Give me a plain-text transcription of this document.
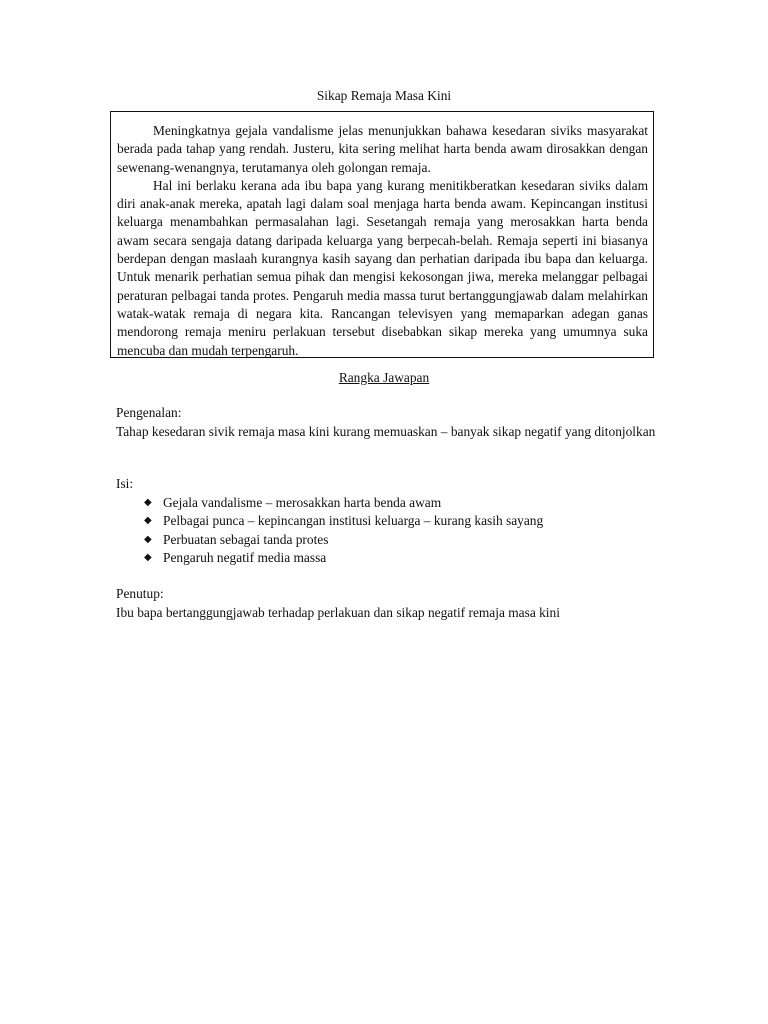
Sikap Remaja Masa Kini

Meningkatnya gejala vandalisme jelas menunjukkan bahawa kesedaran siviks masyarakat berada pada tahap yang rendah. Justeru, kita sering melihat harta benda awam dirosakkan dengan sewenang-wenangnya, terutamanya oleh golongan remaja.

Hal ini berlaku kerana ada ibu bapa yang kurang menitikberatkan kesedaran siviks dalam diri anak-anak mereka, apatah lagi dalam soal menjaga harta benda awam. Kepincangan institusi keluarga menambahkan permasalahan lagi. Sesetangah remaja yang merosakkan harta benda awam secara sengaja datang daripada keluarga yang berpecah-belah. Remaja seperti ini biasanya berdepan dengan maslaah kurangnya kasih sayang dan perhatian daripada ibu bapa dan keluarga. Untuk menarik perhatian semua pihak dan mengisi kekosongan jiwa, mereka melanggar pelbagai peraturan pelbagai tanda protes. Pengaruh media massa turut bertanggungjawab dalam melahirkan watak-watak remaja di negara kita. Rancangan televisyen yang memaparkan adegan ganas mendorong remaja meniru perlakuan tersebut disebabkan sikap mereka yang umumnya suka mencuba dan mudah terpengaruh.

Rangka Jawapan
Pengenalan:
Tahap kesedaran sivik remaja masa kini kurang memuaskan – banyak sikap negatif yang ditonjolkan
Isi:
◆ Gejala vandalisme – merosakkan harta benda awam
◆ Pelbagai punca – kepincangan institusi keluarga – kurang kasih sayang
◆ Perbuatan sebagai tanda protes
◆ Pengaruh negatif media massa
Penutup:
Ibu bapa bertanggungjawab terhadap perlakuan dan sikap negatif remaja masa kini
